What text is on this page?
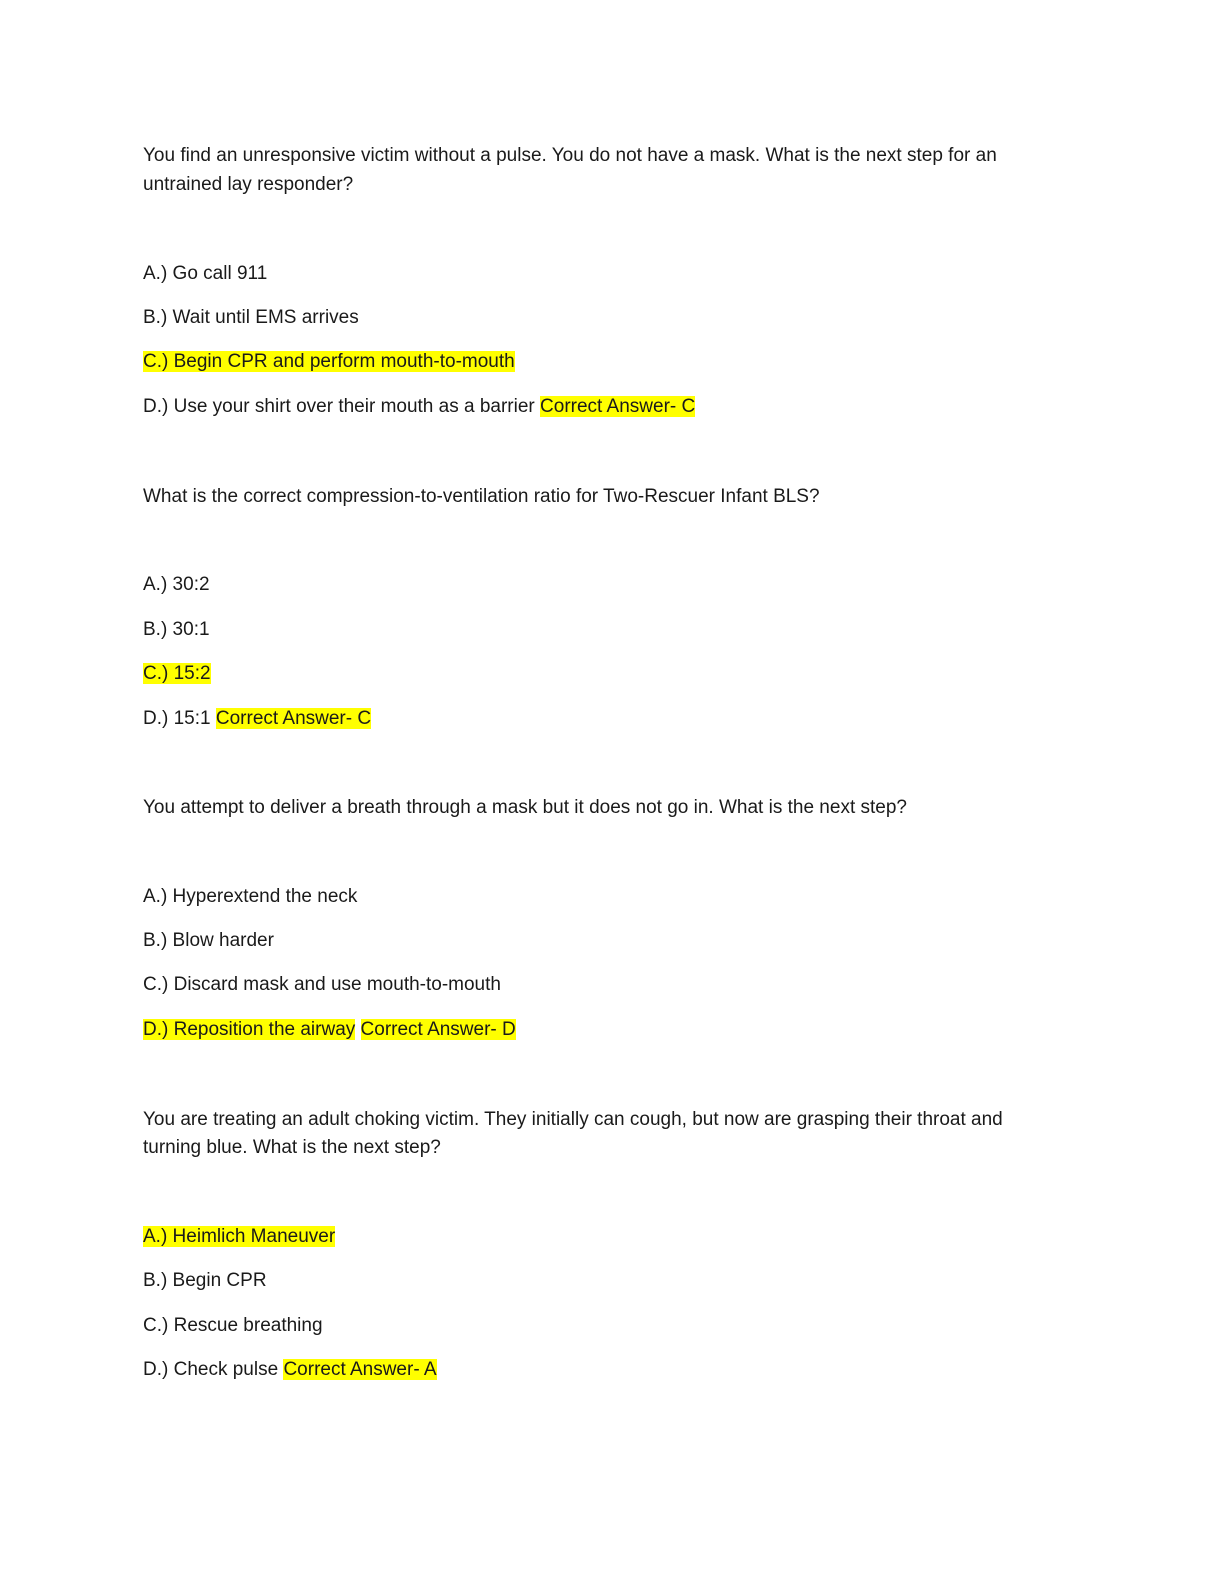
You find an unresponsive victim without a pulse. You do not have a mask. What is the next step for an
untrained lay responder?
A.) Go call 911
B.) Wait until EMS arrives
C.) Begin CPR and perform mouth-to-mouth
D.) Use your shirt over their mouth as a barrier Correct Answer- C
What is the correct compression-to-ventilation ratio for Two-Rescuer Infant BLS?
A.) 30:2
B.) 30:1
C.) 15:2
D.) 15:1 Correct Answer- C
You attempt to deliver a breath through a mask but it does not go in. What is the next step?
A.) Hyperextend the neck
B.) Blow harder
C.) Discard mask and use mouth-to-mouth
D.) Reposition the airway Correct Answer- D
You are treating an adult choking victim. They initially can cough, but now are grasping their throat and
turning blue. What is the next step?
A.) Heimlich Maneuver
B.) Begin CPR
C.) Rescue breathing
D.) Check pulse Correct Answer- A
